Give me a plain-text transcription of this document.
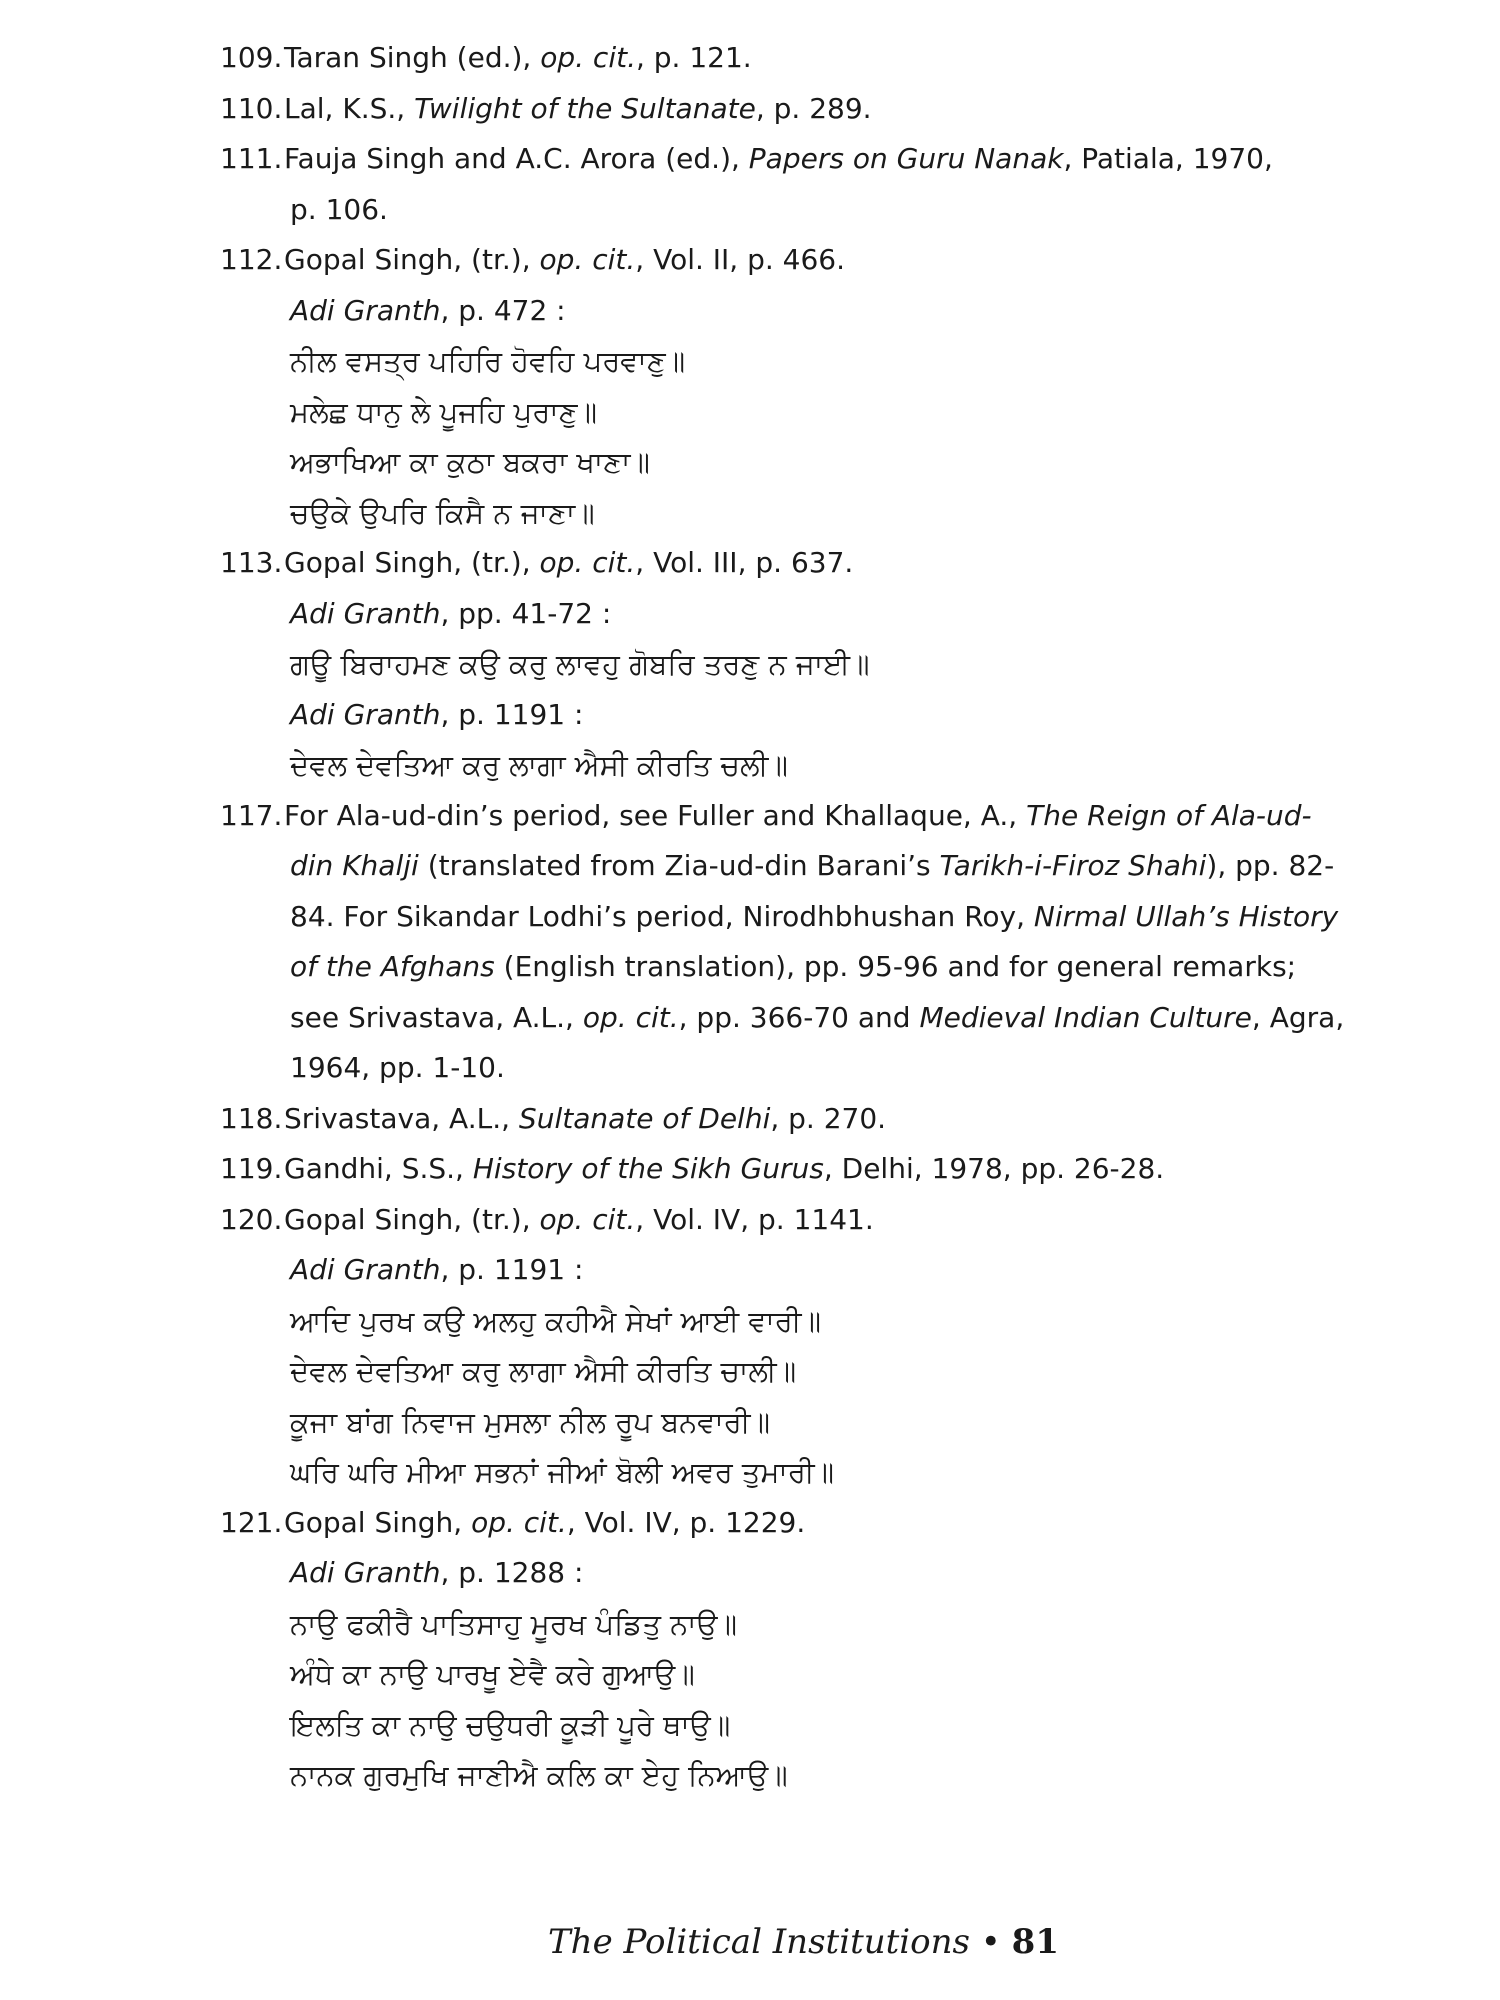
109. Taran Singh (ed.), op. cit., p. 121.
110. Lal, K.S., Twilight of the Sultanate, p. 289.
111. Fauja Singh and A.C. Arora (ed.), Papers on Guru Nanak, Patiala, 1970,
p. 106.
112. Gopal Singh, (tr.), op. cit., Vol. II, p. 466.
Adi Granth, p. 472 :
ਨੀਲ ਵਸਤ੍ਰ ਪਹਿਰਿ ਹੋਵਹਿ ਪਰਵਾਣੁ॥
ਮਲੇਛ ਧਾਨੁ ਲੇ ਪੂਜਹਿ ਪੁਰਾਣੁ॥
ਅਭਾਖਿਆ ਕਾ ਕੁਠਾ ਬਕਰਾ ਖਾਣਾ॥
ਚਉਕੇ ਉਪਰਿ ਕਿਸੈ ਨ ਜਾਣਾ॥
113. Gopal Singh, (tr.), op. cit., Vol. III, p. 637.
Adi Granth, pp. 41-72 :
ਗਊ ਬਿਰਾਹਮਣ ਕਉ ਕਰੁ ਲਾਵਹੁ ਗੋਬਰਿ ਤਰਣੁ ਨ ਜਾਈ॥
Adi Granth, p. 1191 :
ਦੇਵਲ ਦੇਵਤਿਆ ਕਰੁ ਲਾਗਾ ਐਸੀ ਕੀਰਤਿ ਚਲੀ॥
117. For Ala-ud-din’s period, see Fuller and Khallaque, A., The Reign of Ala-ud-
din Khalji (translated from Zia-ud-din Barani’s Tarikh-i-Firoz Shahi), pp. 82-
84. For Sikandar Lodhi’s period, Nirodhbhushan Roy, Nirmal Ullah’s History
of the Afghans (English translation), pp. 95-96 and for general remarks;
see Srivastava, A.L., op. cit., pp. 366-70 and Medieval Indian Culture, Agra,
1964, pp. 1-10.
118. Srivastava, A.L., Sultanate of Delhi, p. 270.
119. Gandhi, S.S., History of the Sikh Gurus, Delhi, 1978, pp. 26-28.
120. Gopal Singh, (tr.), op. cit., Vol. IV, p. 1141.
Adi Granth, p. 1191 :
ਆਦਿ ਪੁਰਖ ਕਉ ਅਲਹੁ ਕਹੀਐ ਸੇਖਾਂ ਆਈ ਵਾਰੀ॥
ਦੇਵਲ ਦੇਵਤਿਆ ਕਰੁ ਲਾਗਾ ਐਸੀ ਕੀਰਤਿ ਚਾਲੀ॥
ਕੂਜਾ ਬਾਂਗ ਨਿਵਾਜ ਮੁਸਲਾ ਨੀਲ ਰੂਪ ਬਨਵਾਰੀ॥
ਘਰਿ ਘਰਿ ਮੀਆ ਸਭਨਾਂ ਜੀਆਂ ਬੋਲੀ ਅਵਰ ਤੁਮਾਰੀ॥
121. Gopal Singh, op. cit., Vol. IV, p. 1229.
Adi Granth, p. 1288 :
ਨਾਉ ਫਕੀਰੈ ਪਾਤਿਸਾਹੁ ਮੂਰਖ ਪੰਡਿਤੁ ਨਾਉ॥
ਅੰਧੇ ਕਾ ਨਾਉ ਪਾਰਖੂ ਏਵੈ ਕਰੇ ਗੁਆਉ॥
ਇਲਤਿ ਕਾ ਨਾਉ ਚਉਧਰੀ ਕੂੜੀ ਪੂਰੇ ਥਾਉ॥
ਨਾਨਕ ਗੁਰਮੁਖਿ ਜਾਣੀਐ ਕਲਿ ਕਾ ਏਹੁ ਨਿਆਉ॥
The Political Institutions • 81
